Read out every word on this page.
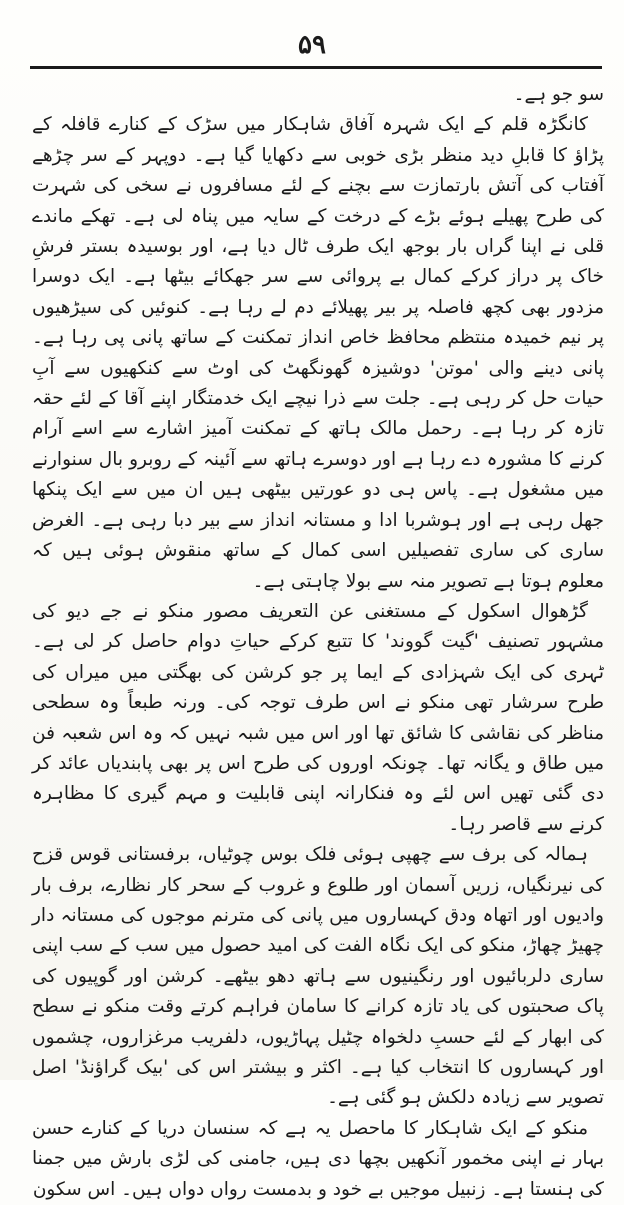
۵۹

سو جو ہے۔

کانگڑہ قلم کے ایک شہرہ آفاق شاہکار میں سڑک کے کنارے قافلہ کے پڑاؤ کا قابلِ دید منظر بڑی خوبی سے دکھایا گیا ہے۔ دوپہر کے سر چڑھے آفتاب کی آتش بارتمازت سے بچنے کے لئے مسافروں نے سخی کی شہرت کی طرح پھیلے ہوئے بڑے کے درخت کے سایہ میں پناہ لی ہے۔ تھکے ماندے قلی نے اپنا گراں بار بوجھ ایک طرف ٹال دیا ہے، اور بوسیدہ بستر فرشِ خاک پر دراز کرکے کمال بے پروائی سے سر جھکائے بیٹھا ہے۔ ایک دوسرا مزدور بھی کچھ فاصلہ پر بیر پھیلائے دم لے رہا ہے۔ کنوئیں کی سیڑھیوں پر نیم خمیدہ منتظم محافظ خاص انداز تمکنت کے ساتھ پانی پی رہا ہے۔ پانی دینے والی 'موتن' دوشیزہ گھونگھٹ کی اوٹ سے کنکھیوں سے آبِ حیات حل کر رہی ہے۔ جلت سے ذرا نیچے ایک خدمتگار اپنے آقا کے لئے حقہ تازہ کر رہا ہے۔ رحمل مالک ہاتھ کے تمکنت آمیز اشارے سے اسے آرام کرنے کا مشورہ دے رہا ہے اور دوسرے ہاتھ سے آئینہ کے روبرو بال سنوارنے میں مشغول ہے۔ پاس ہی دو عورتیں بیٹھی ہیں ان میں سے ایک پنکھا جھل رہی ہے اور ہوشربا ادا و مستانہ انداز سے بیر دبا رہی ہے۔ الغرض ساری کی ساری تفصیلیں اسی کمال کے ساتھ منقوش ہوئی ہیں کہ معلوم ہوتا ہے تصویر منہ سے بولا چاہتی ہے۔

گڑھوال اسکول کے مستغنی عن التعریف مصور منکو نے جے دیو کی مشہور تصنیف 'گیت گووند' کا تتبع کرکے حیاتِ دوام حاصل کر لی ہے۔ ٹہری کی ایک شہزادی کے ایما پر جو کرشن کی بھگتی میں میراں کی طرح سرشار تھی منکو نے اس طرف توجہ کی۔ ورنہ طبعاً وہ سطحی مناظر کی نقاشی کا شائق تھا اور اس میں شبہ نہیں کہ وہ اس شعبہ فن میں طاق و یگانہ تھا۔ چونکہ اوروں کی طرح اس پر بھی پابندیاں عائد کر دی گئی تھیں اس لئے وہ فنکارانہ اپنی قابلیت و مہم گیری کا مظاہرہ کرنے سے قاصر رہا۔

ہمالہ کی برف سے چھپی ہوئی فلک بوس چوٹیاں، برفستانی قوس قزح کی نیرنگیاں، زریں آسمان اور طلوع و غروب کے سحر کار نظارے، برف بار وادیوں اور اتھاہ ودق کہساروں میں پانی کی مترنم موجوں کی مستانہ دار چھیڑ چھاڑ، منکو کی ایک نگاہ الفت کی امید حصول میں سب کے سب اپنی ساری دلربائیوں اور رنگینیوں سے ہاتھ دھو بیٹھے۔ کرشن اور گوپیوں کی پاک صحبتوں کی یاد تازہ کرانے کا سامان فراہم کرتے وقت منکو نے سطح کی ابھار کے لئے حسبِ دلخواہ چٹیل پہاڑیوں، دلفریب مرغزاروں، چشموں اور کہساروں کا انتخاب کیا ہے۔ اکثر و بیشتر اس کی 'بیک گراؤنڈ' اصل تصویر سے زیادہ دلکش ہو گئی ہے۔

منکو کے ایک شاہکار کا ماحصل یہ ہے کہ سنسان دریا کے کنارے حسن بہار نے اپنی مخمور آنکھیں بچھا دی ہیں، جامنی کی لڑی بارش میں جمنا کی ہنستا ہے۔ زنبیل موجیں بے خود و بدمست رواں دواں ہیں۔ اس سکون
